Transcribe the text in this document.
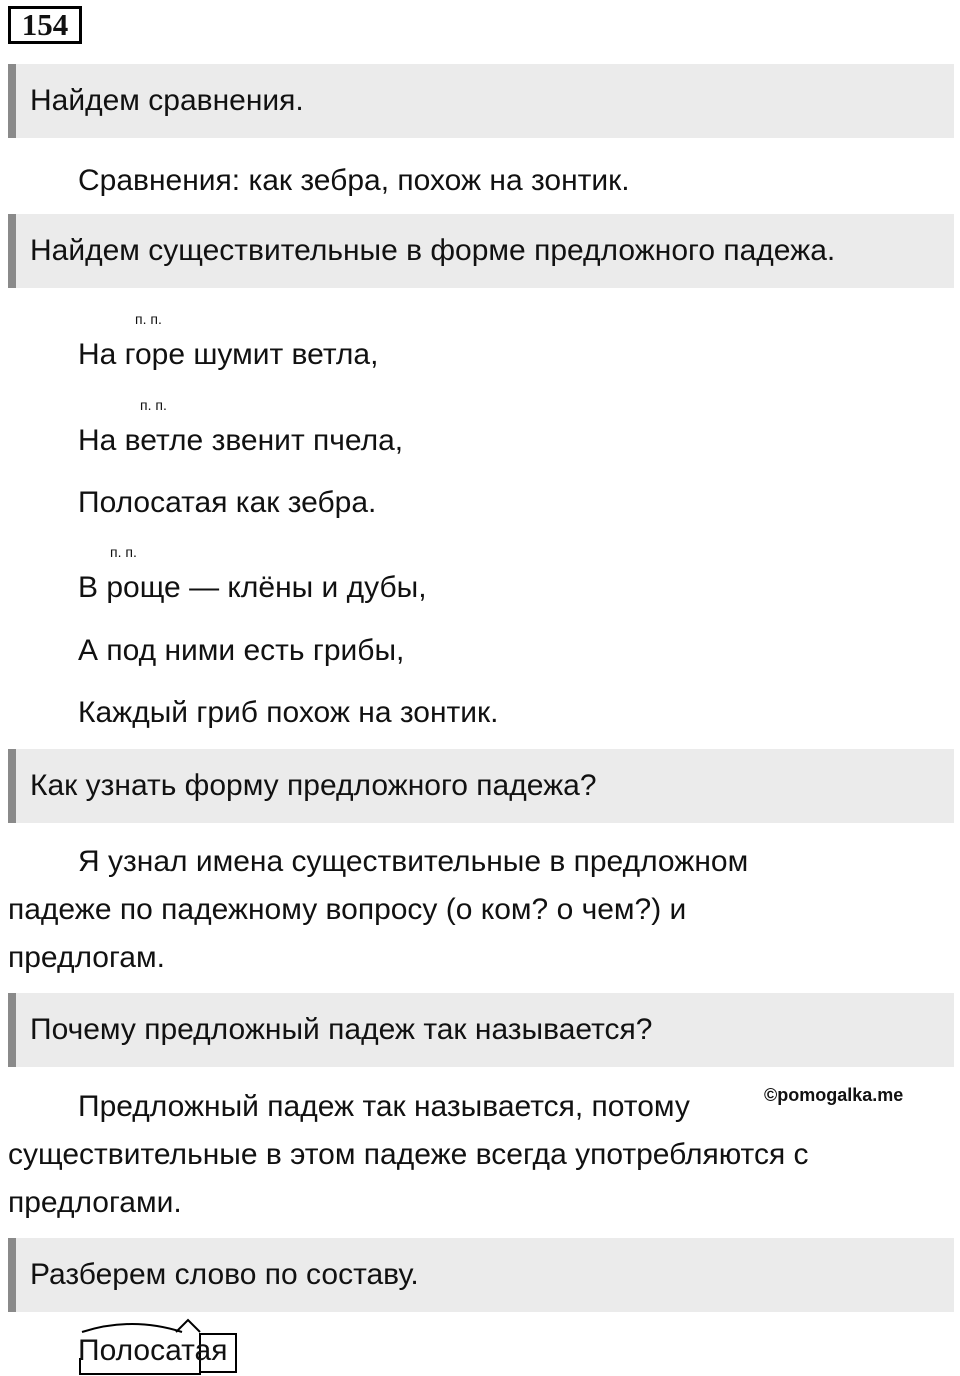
154
Найдем сравнения.
Сравнения: как зебра, похож на зонтик.
Найдем существительные в форме предложного падежа.
п. п.
На горе шумит ветла,
п. п.
На ветле звенит пчела,
Полосатая как зебра.
п. п.
В роще — клёны и дубы,
А под ними есть грибы,
Каждый гриб похож на зонтик.
Как узнать форму предложного падежа?
Я узнал имена существительные в предложном
падеже по падежному вопросу (о ком? о чем?) и
предлогам.
Почему предложный падеж так называется?
Предложный падеж так называется, потому
существительные в этом падеже всегда употребляются с
предлогами.
©pomogalka.me
Разберем слово по составу.
Полосатая
